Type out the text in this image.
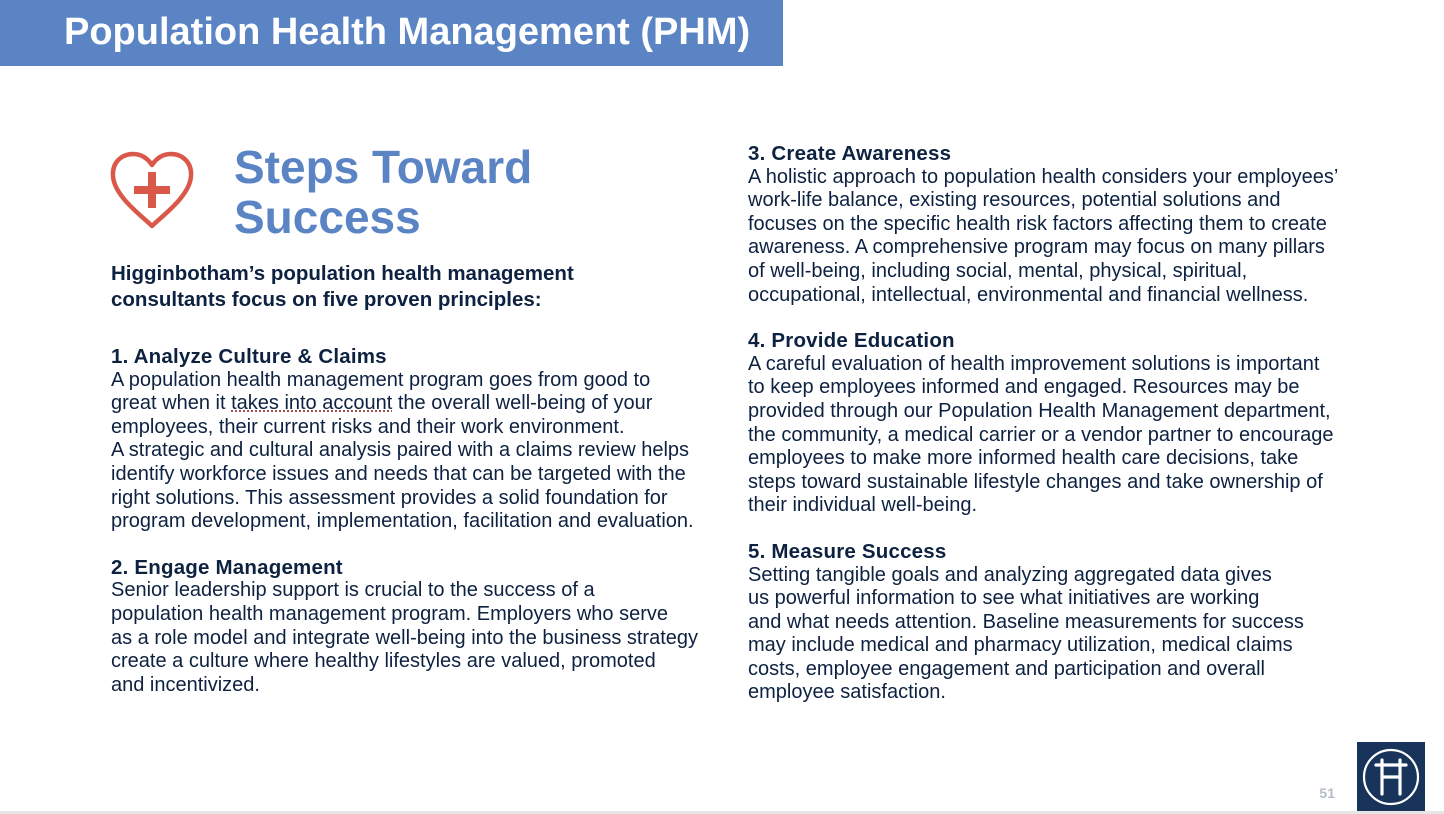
Population Health Management (PHM)
Steps Toward
Success
Higginbotham’s population health management
consultants focus on five proven principles:
1. Analyze Culture & Claims
A population health management program goes from good to
great when it takes into account the overall well-being of your
employees, their current risks and their work environment.
A strategic and cultural analysis paired with a claims review helps
identify workforce issues and needs that can be targeted with the
right solutions. This assessment provides a solid foundation for
program development, implementation, facilitation and evaluation.
2. Engage Management
Senior leadership support is crucial to the success of a
population health management program. Employers who serve
as a role model and integrate well-being into the business strategy
create a culture where healthy lifestyles are valued, promoted
and incentivized.
3. Create Awareness
A holistic approach to population health considers your employees’
work-life balance, existing resources, potential solutions and
focuses on the specific health risk factors affecting them to create
awareness. A comprehensive program may focus on many pillars
of well-being, including social, mental, physical, spiritual,
occupational, intellectual, environmental and financial wellness.
4. Provide Education
A careful evaluation of health improvement solutions is important
to keep employees informed and engaged. Resources may be
provided through our Population Health Management department,
the community, a medical carrier or a vendor partner to encourage
employees to make more informed health care decisions, take
steps toward sustainable lifestyle changes and take ownership of
their individual well-being.
5. Measure Success
Setting tangible goals and analyzing aggregated data gives
us powerful information to see what initiatives are working
and what needs attention. Baseline measurements for success
may include medical and pharmacy utilization, medical claims
costs, employee engagement and participation and overall
employee satisfaction.
51
